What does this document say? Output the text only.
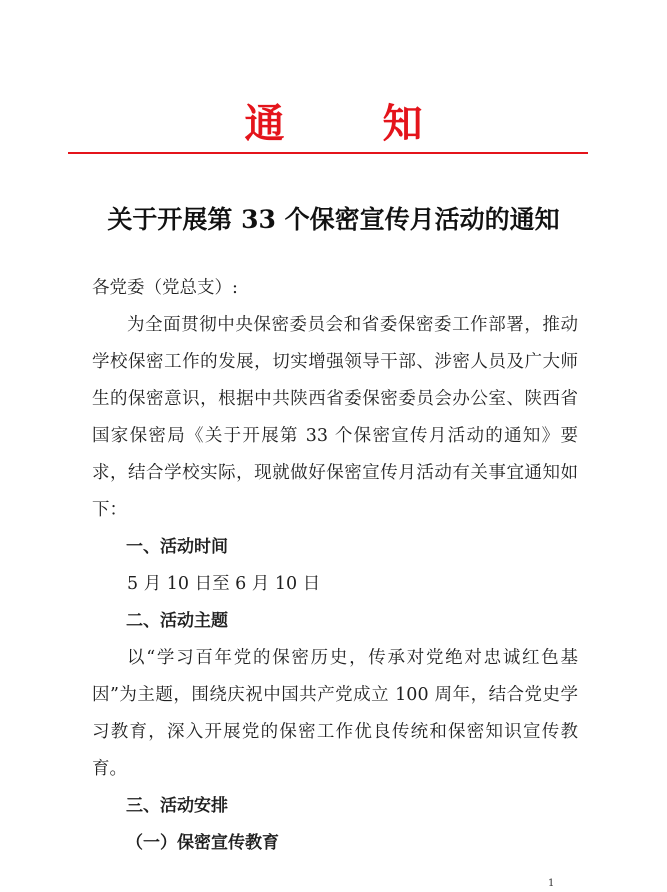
通 知
关于开展第 33 个保密宣传月活动的通知

各党委（党总支）:

为全面贯彻中央保密委员会和省委保密委工作部署，推动学校保密工作的发展，切实增强领导干部、涉密人员及广大师生的保密意识，根据中共陕西省委保密委员会办公室、陕西省国家保密局《关于开展第 33 个保密宣传月活动的通知》要求，结合学校实际，现就做好保密宣传月活动有关事宜通知如下：

一、活动时间

5 月 10 日至 6 月 10 日

二、活动主题

以“学习百年党的保密历史，传承对党绝对忠诚红色基因”为主题，围绕庆祝中国共产党成立 100 周年，结合党史学习教育，深入开展党的保密工作优良传统和保密知识宣传教育。

三、活动安排

（一）保密宣传教育

1
